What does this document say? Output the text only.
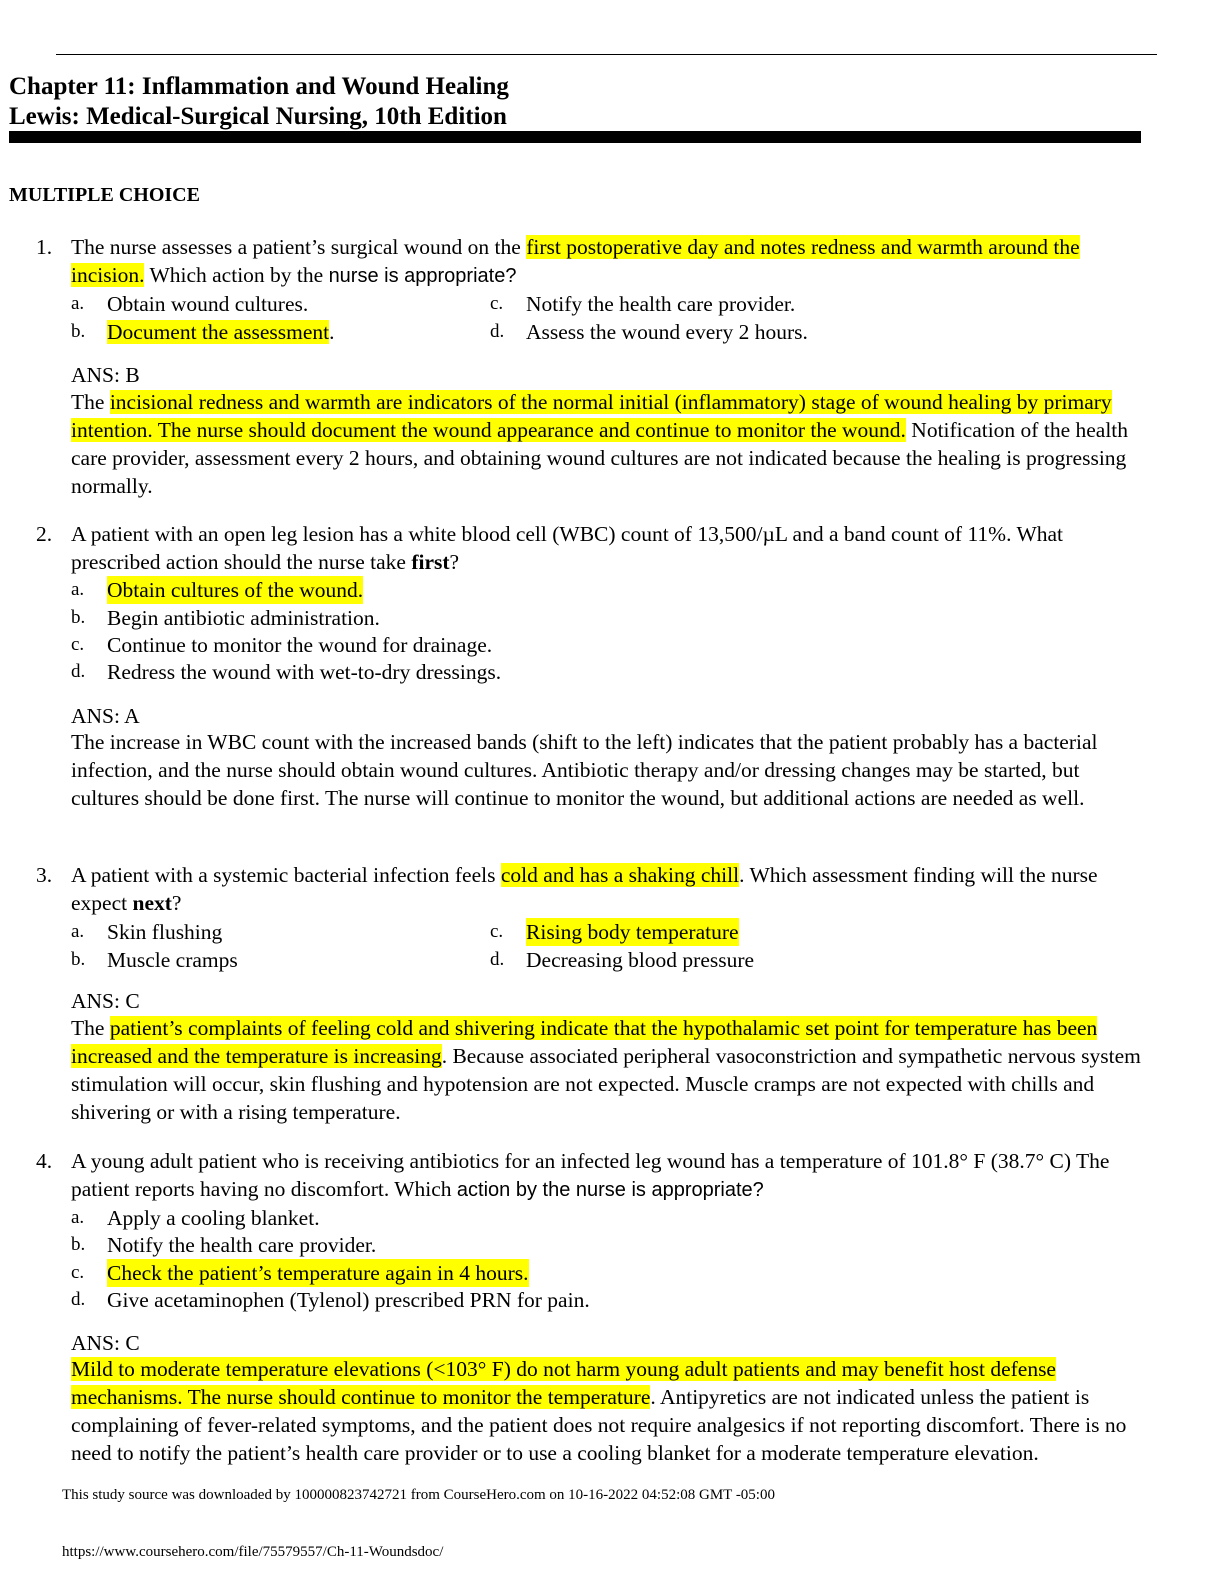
Chapter 11: Inflammation and Wound Healing
Lewis: Medical-Surgical Nursing, 10th Edition
MULTIPLE CHOICE
1. The nurse assesses a patient’s surgical wound on the first postoperative day and notes redness and warmth around the incision. Which action by the nurse is appropriate?
a. Obtain wound cultures.
b. Document the assessment.
c. Notify the health care provider.
d. Assess the wound every 2 hours.
ANS: B
The incisional redness and warmth are indicators of the normal initial (inflammatory) stage of wound healing by primary intention. The nurse should document the wound appearance and continue to monitor the wound. Notification of the health care provider, assessment every 2 hours, and obtaining wound cultures are not indicated because the healing is progressing normally.
2. A patient with an open leg lesion has a white blood cell (WBC) count of 13,500/µL and a band count of 11%. What prescribed action should the nurse take first?
a. Obtain cultures of the wound.
b. Begin antibiotic administration.
c. Continue to monitor the wound for drainage.
d. Redress the wound with wet-to-dry dressings.
ANS: A
The increase in WBC count with the increased bands (shift to the left) indicates that the patient probably has a bacterial infection, and the nurse should obtain wound cultures. Antibiotic therapy and/or dressing changes may be started, but cultures should be done first. The nurse will continue to monitor the wound, but additional actions are needed as well.
3. A patient with a systemic bacterial infection feels cold and has a shaking chill. Which assessment finding will the nurse expect next?
a. Skin flushing
b. Muscle cramps
c. Rising body temperature
d. Decreasing blood pressure
ANS: C
The patient’s complaints of feeling cold and shivering indicate that the hypothalamic set point for temperature has been increased and the temperature is increasing. Because associated peripheral vasoconstriction and sympathetic nervous system stimulation will occur, skin flushing and hypotension are not expected. Muscle cramps are not expected with chills and shivering or with a rising temperature.
4. A young adult patient who is receiving antibiotics for an infected leg wound has a temperature of 101.8° F (38.7° C) The patient reports having no discomfort. Which action by the nurse is appropriate?
a. Apply a cooling blanket.
b. Notify the health care provider.
c. Check the patient’s temperature again in 4 hours.
d. Give acetaminophen (Tylenol) prescribed PRN for pain.
ANS: C
Mild to moderate temperature elevations (<103° F) do not harm young adult patients and may benefit host defense mechanisms. The nurse should continue to monitor the temperature. Antipyretics are not indicated unless the patient is complaining of fever-related symptoms, and the patient does not require analgesics if not reporting discomfort. There is no need to notify the patient’s health care provider or to use a cooling blanket for a moderate temperature elevation.
This study source was downloaded by 100000823742721 from CourseHero.com on 10-16-2022 04:52:08 GMT -05:00
https://www.coursehero.com/file/75579557/Ch-11-Woundsdoc/
